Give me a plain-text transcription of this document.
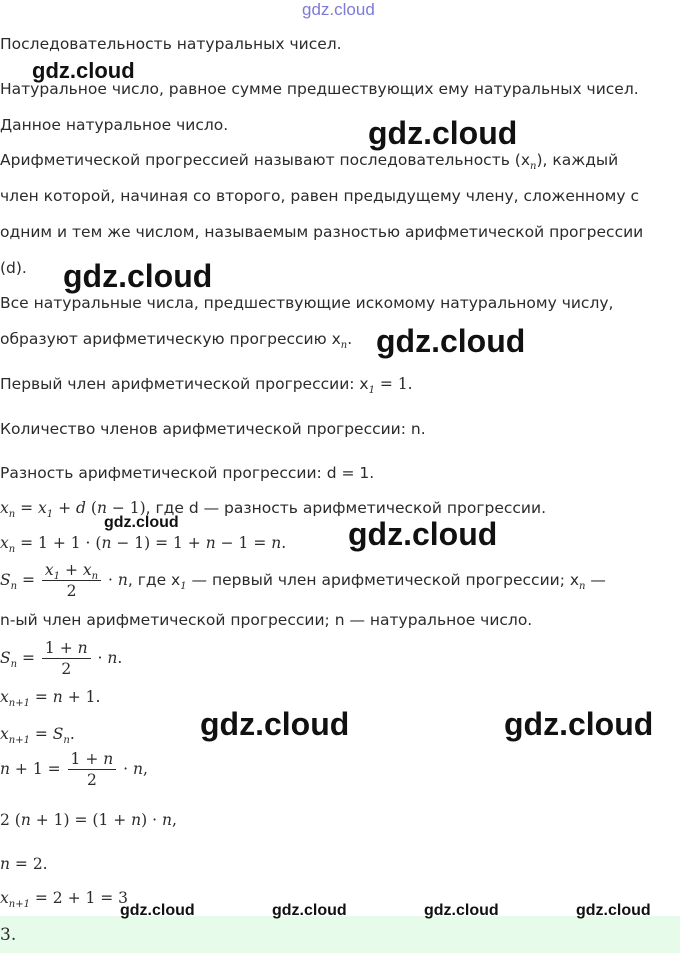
Последовательность натуральных чисел.
Натуральное число, равное сумме предшествующих ему натуральных чисел.
Данное натуральное число.
Арифметической прогрессией называют последовательность $(x_n)$, каждый
член которой, начиная со второго, равен предыдущему члену, сложенному с
одним и тем же числом, называемым разностью арифметической прогрессии
(d).
Все натуральные числа, предшествующие искомому натуральному числу,
образуют арифметическую прогрессию $x_n$.
Первый член арифметической прогрессии: $x_1 = 1$.
Количество членов арифметической прогрессии: n.
Разность арифметической прогрессии: d = 1.
$x_n = x_1 + d$ (n − 1), где d — разность арифметической прогрессии.
$x_n = 1 + 1 \cdot (n - 1) = 1 + n - 1 = n$.
$S_n = \frac{x_1 + x_n}{2} \cdot n$, где $x_1$ — первый член арифметической прогрессии; $x_n$ —
n-ый член арифметической прогрессии; n — натуральное число.
$S_n = \frac{1 + n}{2} \cdot n$.
$x_{n+1} = n + 1$.
$x_{n+1} = S_n$.
$n + 1 = \frac{1 + n}{2} \cdot n$,
2 (n + 1) = (1 + n) · n,
n = 2.
$x_{n+1} = 2 + 1 = 3$
3.
gdz.cloud
gdz.cloud
gdz.cloud
gdz.cloud
gdz.cloud
gdz.cloud	gdz.cloud
gdz.cloud	gdz.cloud
gdz.cloud	gdz.cloud	gdz.cloud	gdz.cloud
